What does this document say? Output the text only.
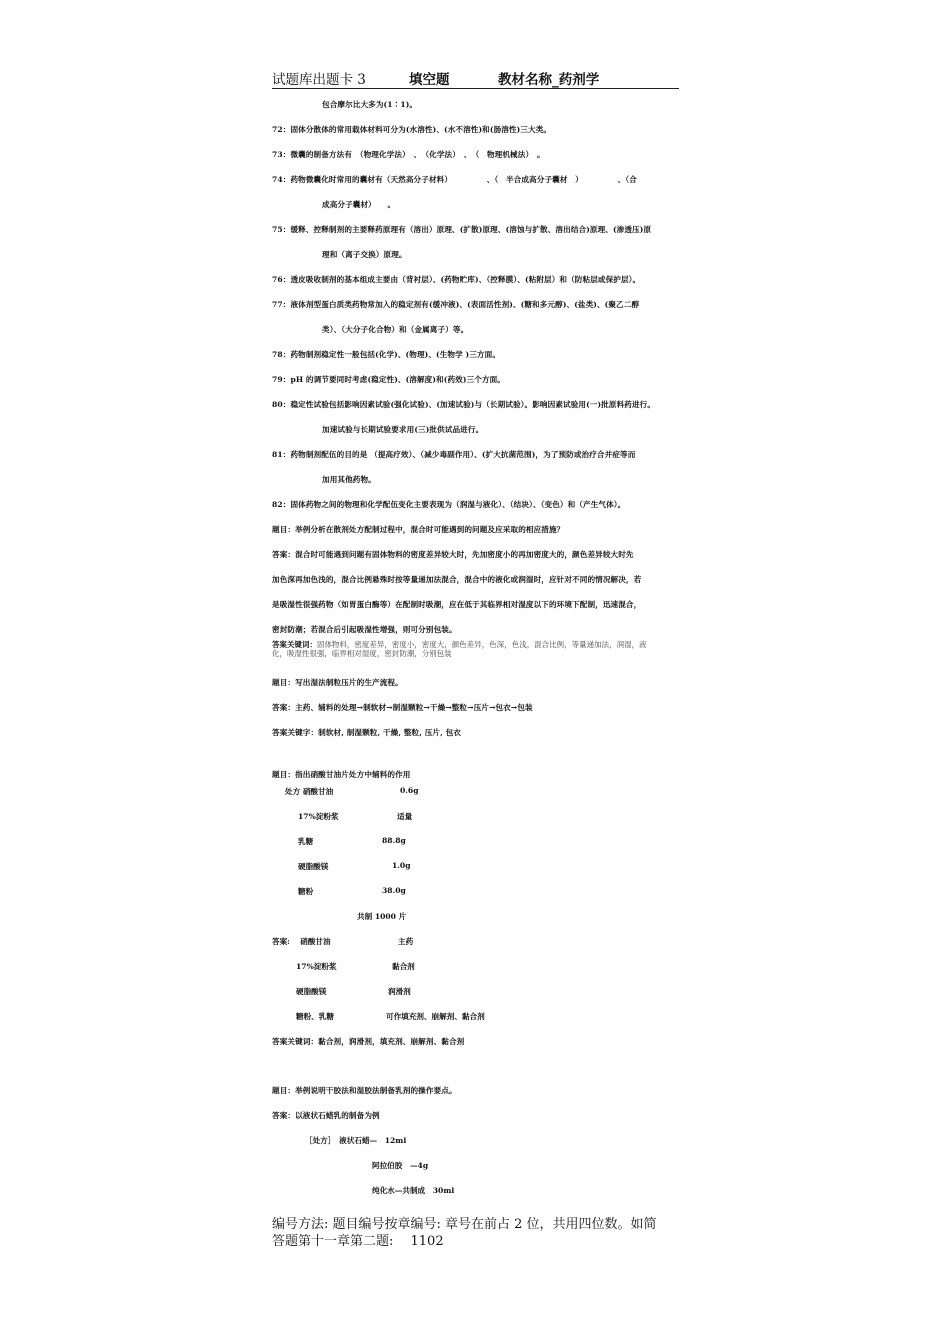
试题库出题卡 3	填空题	教材名称_药剂学
包合摩尔比大多为(1∶1)。
72：固体分散体的常用载体材料可分为(水溶性)、(水不溶性)和(肠溶性)三大类。
73：微囊的制备方法有　（物理化学法）　、　（化学法）　、　（　物理机械法）　。
74：药物微囊化时常用的囊材有（天然高分子材料）　　　　　、（　半合成高分子囊材　）　　　　　、（合
成高分子囊材）　　。
75：缓释、控释制剂的主要释药原理有（溶出）原理、(扩散)原理、(溶蚀与扩散、溶出结合)原理、(渗透压)原
理和（离子交换）原理。
76：透皮吸收制剂的基本组成主要由（背衬层）、(药物贮库)、（控释膜）、(粘附层）和（防粘层或保护层）。
77：液体剂型蛋白质类药物常加入的稳定剂有(缓冲液)、(表面活性剂)、(糖和多元醇)、(盐类)、(聚乙二醇
类）、（大分子化合物）和（金属离子）等。
78：药物制剂稳定性一般包括(化学)、(物理)、(生物学 )三方面。
79：pH 的调节要同时考虑(稳定性)、(溶解度)和(药效)三个方面。
80：稳定性试验包括影响因素试验(强化试验)、(加速试验)与（长期试验）。影响因素试验用(一)批原料药进行。
加速试验与长期试验要求用(三)批供试品进行。
81：药物制剂配伍的目的是 （提高疗效）、（减少毒副作用）、(扩大抗菌范围)，为了预防或治疗合并症等而
加用其他药物。
82：固体药物之间的物理和化学配伍变化主要表现为（润湿与液化）、（结块）、（变色）和（产生气体）。
题目：举例分析在散剂处方配制过程中，混合时可能遇到的问题及应采取的相应措施？
答案：混合时可能遇到问题有固体物料的密度差异较大时，先加密度小的再加密度大的，颜色差异较大时先
加色深再加色浅的，混合比例悬殊时按等量递加法混合，混合中的液化或润湿时，应针对不同的情况解决，若
是吸湿性很强药物（如胃蛋白酶等）在配制时吸潮，应在低于其临界相对湿度以下的环境下配制，迅速混合，
密封防潮；若混合后引起吸湿性增强，则可分别包装。
答案关键词：固体物料，密度差异，密度小，密度大，颜色差异，色深，色浅，混合比例，等量递加法，润湿，液
化，吸湿性很强，临界相对湿度，密封防潮，分别包装
题目：写出湿法制粒压片的生产流程。
答案：主药、辅料的处理→制软材→制湿颗粒→干燥→整粒→压片→包衣→包装
答案关键字：制软材, 制湿颗粒, 干燥, 整粒, 压片, 包衣
题目：指出硝酸甘油片处方中辅料的作用
处方 硝酸甘油	0.6g
17%淀粉浆	适量
乳糖	88.8g
硬脂酸镁	1.0g
糖粉	38.0g
共制 1000 片
答案:　 硝酸甘油	主药
17%淀粉浆	黏合剂
硬脂酸镁	润滑剂
糖粉、乳糖	可作填充剂、崩解剂、黏合剂
答案关键词：黏合剂，润滑剂，填充剂、崩解剂、黏合剂
题目：举例说明干胶法和湿胶法制备乳剂的操作要点。
答案：以液状石蜡乳的制备为例
［处方］　液状石蜡—　12ml
阿拉伯胶　—4g
纯化水—共制成　30ml
编号方法: 题目编号按章编号: 章号在前占 2 位，共用四位数。如简
答题第十一章第二题:　 1102
